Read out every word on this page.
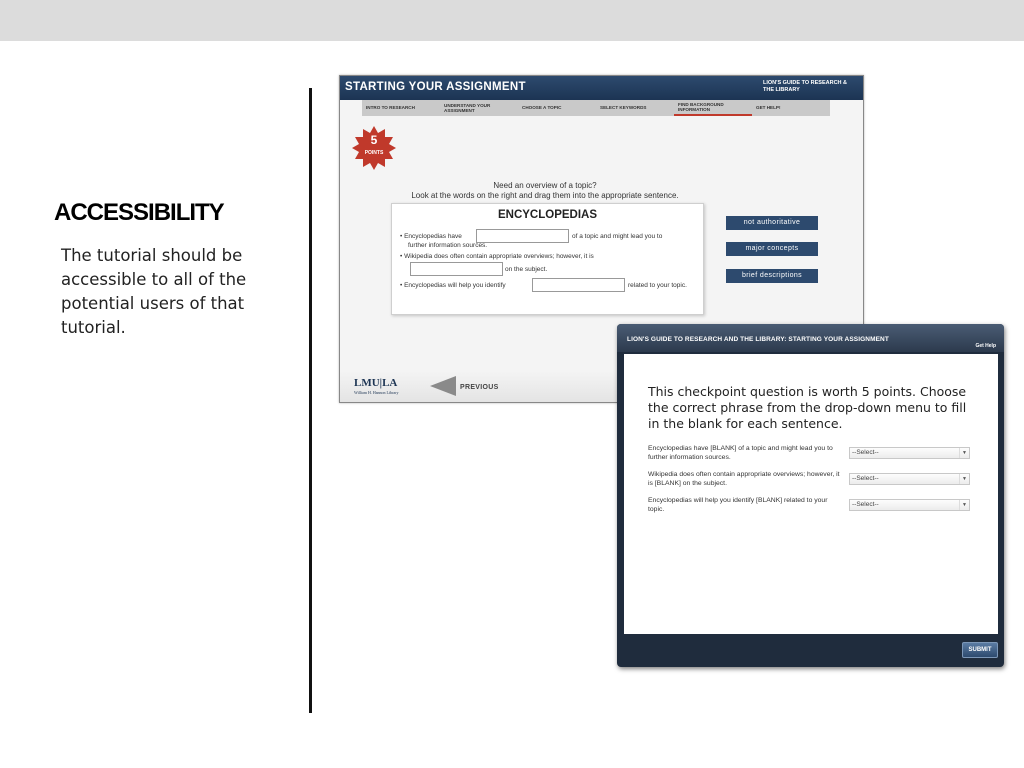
ACCESSIBILITY
The tutorial should be accessible to all of the potential users of that tutorial.
STARTING YOUR ASSIGNMENT	LION'S GUIDE TO RESEARCH & THE LIBRARY
INTRO TO RESEARCH
UNDERSTAND YOUR ASSIGNMENT
CHOOSE A TOPIC	SELECT KEYWORDS
FIND BACKGROUND INFORMATION	GET HELP!
5
POINTS
Need an overview of a topic?
Look at the words on the right and drag them into the appropriate sentence.
ENCYCLOPEDIAS
• Encyclopedias have	of a topic and might lead you to
further information sources.
• Wikipedia does often contain appropriate overviews; however, it is
on the subject.
• Encyclopedias will help you identify	related to your topic.
not authoritative
major concepts
brief descriptions
LMU|LA
William H. Hannon Library
PREVIOUS
LION'S GUIDE TO RESEARCH AND THE LIBRARY: STARTING YOUR ASSIGNMENT
Get Help
This checkpoint question is worth 5 points. Choose the correct phrase from the drop-down menu to fill in the blank for each sentence.
Encyclopedias have [BLANK] of a topic and might lead you to further information sources.
--Select--	▼
Wikipedia does often contain appropriate overviews; however, it is [BLANK] on the subject.
--Select--	▼
Encyclopedias will help you identify [BLANK] related to your topic.
--Select--	▼
SUBMIT
